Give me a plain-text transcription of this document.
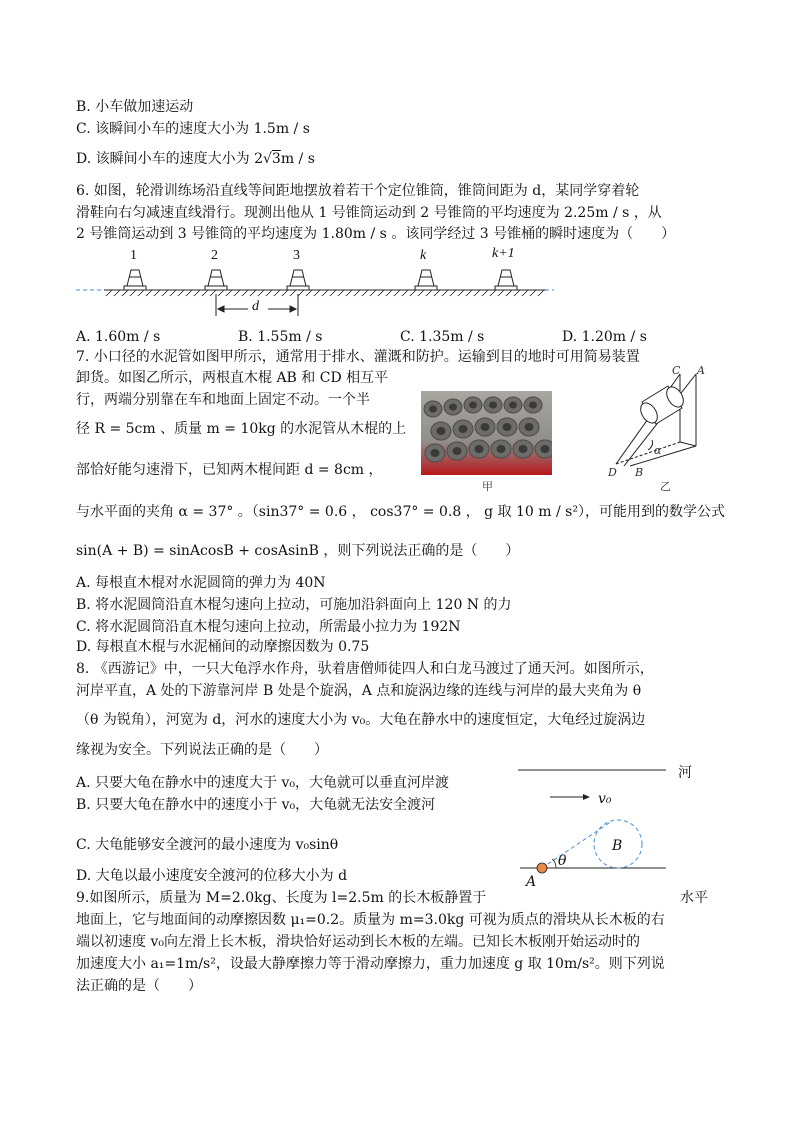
B. 小车做加速运动
C. 该瞬间小车的速度大小为 1.5m / s
D. 该瞬间小车的速度大小为 2√3m / s
6. 如图，轮滑训练场沿直线等间距地摆放着若干个定位锥筒，锥筒间距为 d，某同学穿着轮
滑鞋向右匀减速直线滑行。现测出他从 1 号锥筒运动到 2 号锥筒的平均速度为 2.25m / s ，从
2 号锥筒运动到 3 号锥筒的平均速度为 1.80m / s 。该同学经过 3 号锥桶的瞬时速度为（　　）
1	2	3	k	k+1
d
A. 1.60m / s	B. 1.55m / s	C. 1.35m / s	D. 1.20m / s
7. 小口径的水泥管如图甲所示，通常用于排水、灌溉和防护。运输到目的地时可用简易装置
卸货。如图乙所示，两根直木棍 AB 和 CD 相互平
行，两端分别靠在车和地面上固定不动。一个半
径 R = 5cm 、质量 m = 10kg 的水泥管从木棍的上
部恰好能匀速滑下，已知两木棍间距 d = 8cm ，
甲
C A
D B
α
乙
与水平面的夹角 α = 37° 。（sin37° = 0.6 ， cos37° = 0.8 ， g 取 10 m / s²），可能用到的数学公式
sin(A + B) = sinAcosB + cosAsinB ，则下列说法正确的是（　　）
A. 每根直木棍对水泥圆筒的弹力为 40N
B. 将水泥圆筒沿直木棍匀速向上拉动，可施加沿斜面向上 120 N 的力
C. 将水泥圆筒沿直木棍匀速向上拉动，所需最小拉力为 192N
D. 每根直木棍与水泥桶间的动摩擦因数为 0.75
8. 《西游记》中，一只大龟浮水作舟，驮着唐僧师徒四人和白龙马渡过了通天河。如图所示，
河岸平直，A 处的下游靠河岸 B 处是个旋涡，A 点和旋涡边缘的连线与河岸的最大夹角为 θ
（θ 为锐角），河宽为 d，河水的速度大小为 v₀。大龟在静水中的速度恒定，大龟经过旋涡边
缘视为安全。下列说法正确的是（　　）
A. 只要大龟在静水中的速度大于 v₀，大龟就可以垂直河岸渡
B. 只要大龟在静水中的速度小于 v₀，大龟就无法安全渡河
C. 大龟能够安全渡河的最小速度为 v₀sinθ
D. 大龟以最小速度安全渡河的位移大小为 d
河
v₀
B
θ
A
9.如图所示，质量为 M=2.0kg、长度为 l=2.5m 的长木板静置于	水平
地面上，它与地面间的动摩擦因数 μ₁=0.2。质量为 m=3.0kg 可视为质点的滑块从长木板的右
端以初速度 v₀向左滑上长木板，滑块恰好运动到长木板的左端。已知长木板刚开始运动时的
加速度大小 a₁=1m/s²，设最大静摩擦力等于滑动摩擦力，重力加速度 g 取 10m/s²。则下列说
法正确的是（　　）
